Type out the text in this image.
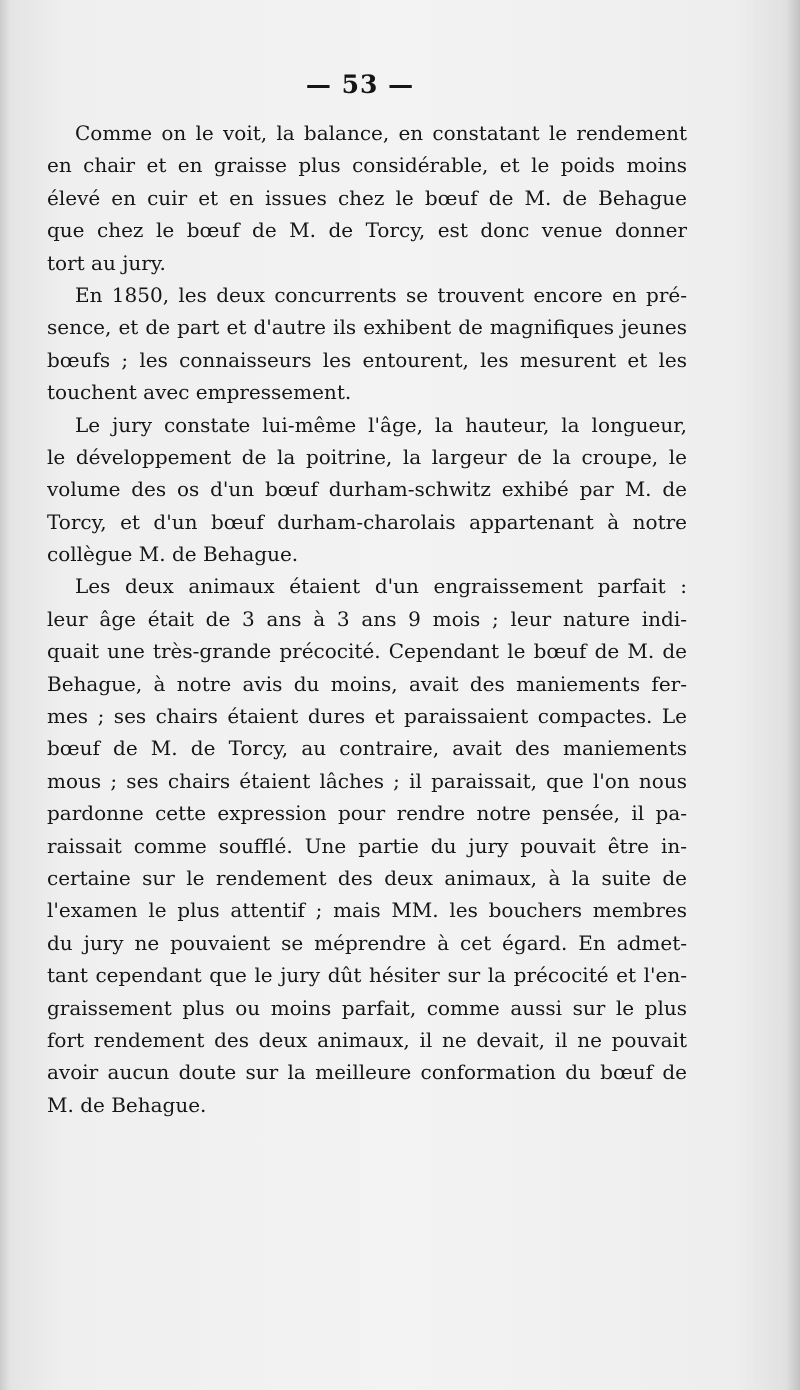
— 53 —
Comme on le voit, la balance, en constatant le rendement
en chair et en graisse plus considérable, et le poids moins
élevé en cuir et en issues chez le bœuf de M. de Behague
que chez le bœuf de M. de Torcy, est donc venue donner
tort au jury.
En 1850, les deux concurrents se trouvent encore en pré-
sence, et de part et d'autre ils exhibent de magnifiques jeunes
bœufs ; les connaisseurs les entourent, les mesurent et les
touchent avec empressement.
Le jury constate lui-même l'âge, la hauteur, la longueur,
le développement de la poitrine, la largeur de la croupe, le
volume des os d'un bœuf durham-schwitz exhibé par M. de
Torcy, et d'un bœuf durham-charolais appartenant à notre
collègue M. de Behague.
Les deux animaux étaient d'un engraissement parfait :
leur âge était de 3 ans à 3 ans 9 mois ; leur nature indi-
quait une très-grande précocité. Cependant le bœuf de M. de
Behague, à notre avis du moins, avait des maniements fer-
mes ; ses chairs étaient dures et paraissaient compactes. Le
bœuf de M. de Torcy, au contraire, avait des maniements
mous ; ses chairs étaient lâches ; il paraissait, que l'on nous
pardonne cette expression pour rendre notre pensée, il pa-
raissait comme soufflé. Une partie du jury pouvait être in-
certaine sur le rendement des deux animaux, à la suite de
l'examen le plus attentif ; mais MM. les bouchers membres
du jury ne pouvaient se méprendre à cet égard. En admet-
tant cependant que le jury dût hésiter sur la précocité et l'en-
graissement plus ou moins parfait, comme aussi sur le plus
fort rendement des deux animaux, il ne devait, il ne pouvait
avoir aucun doute sur la meilleure conformation du bœuf de
M. de Behague.
